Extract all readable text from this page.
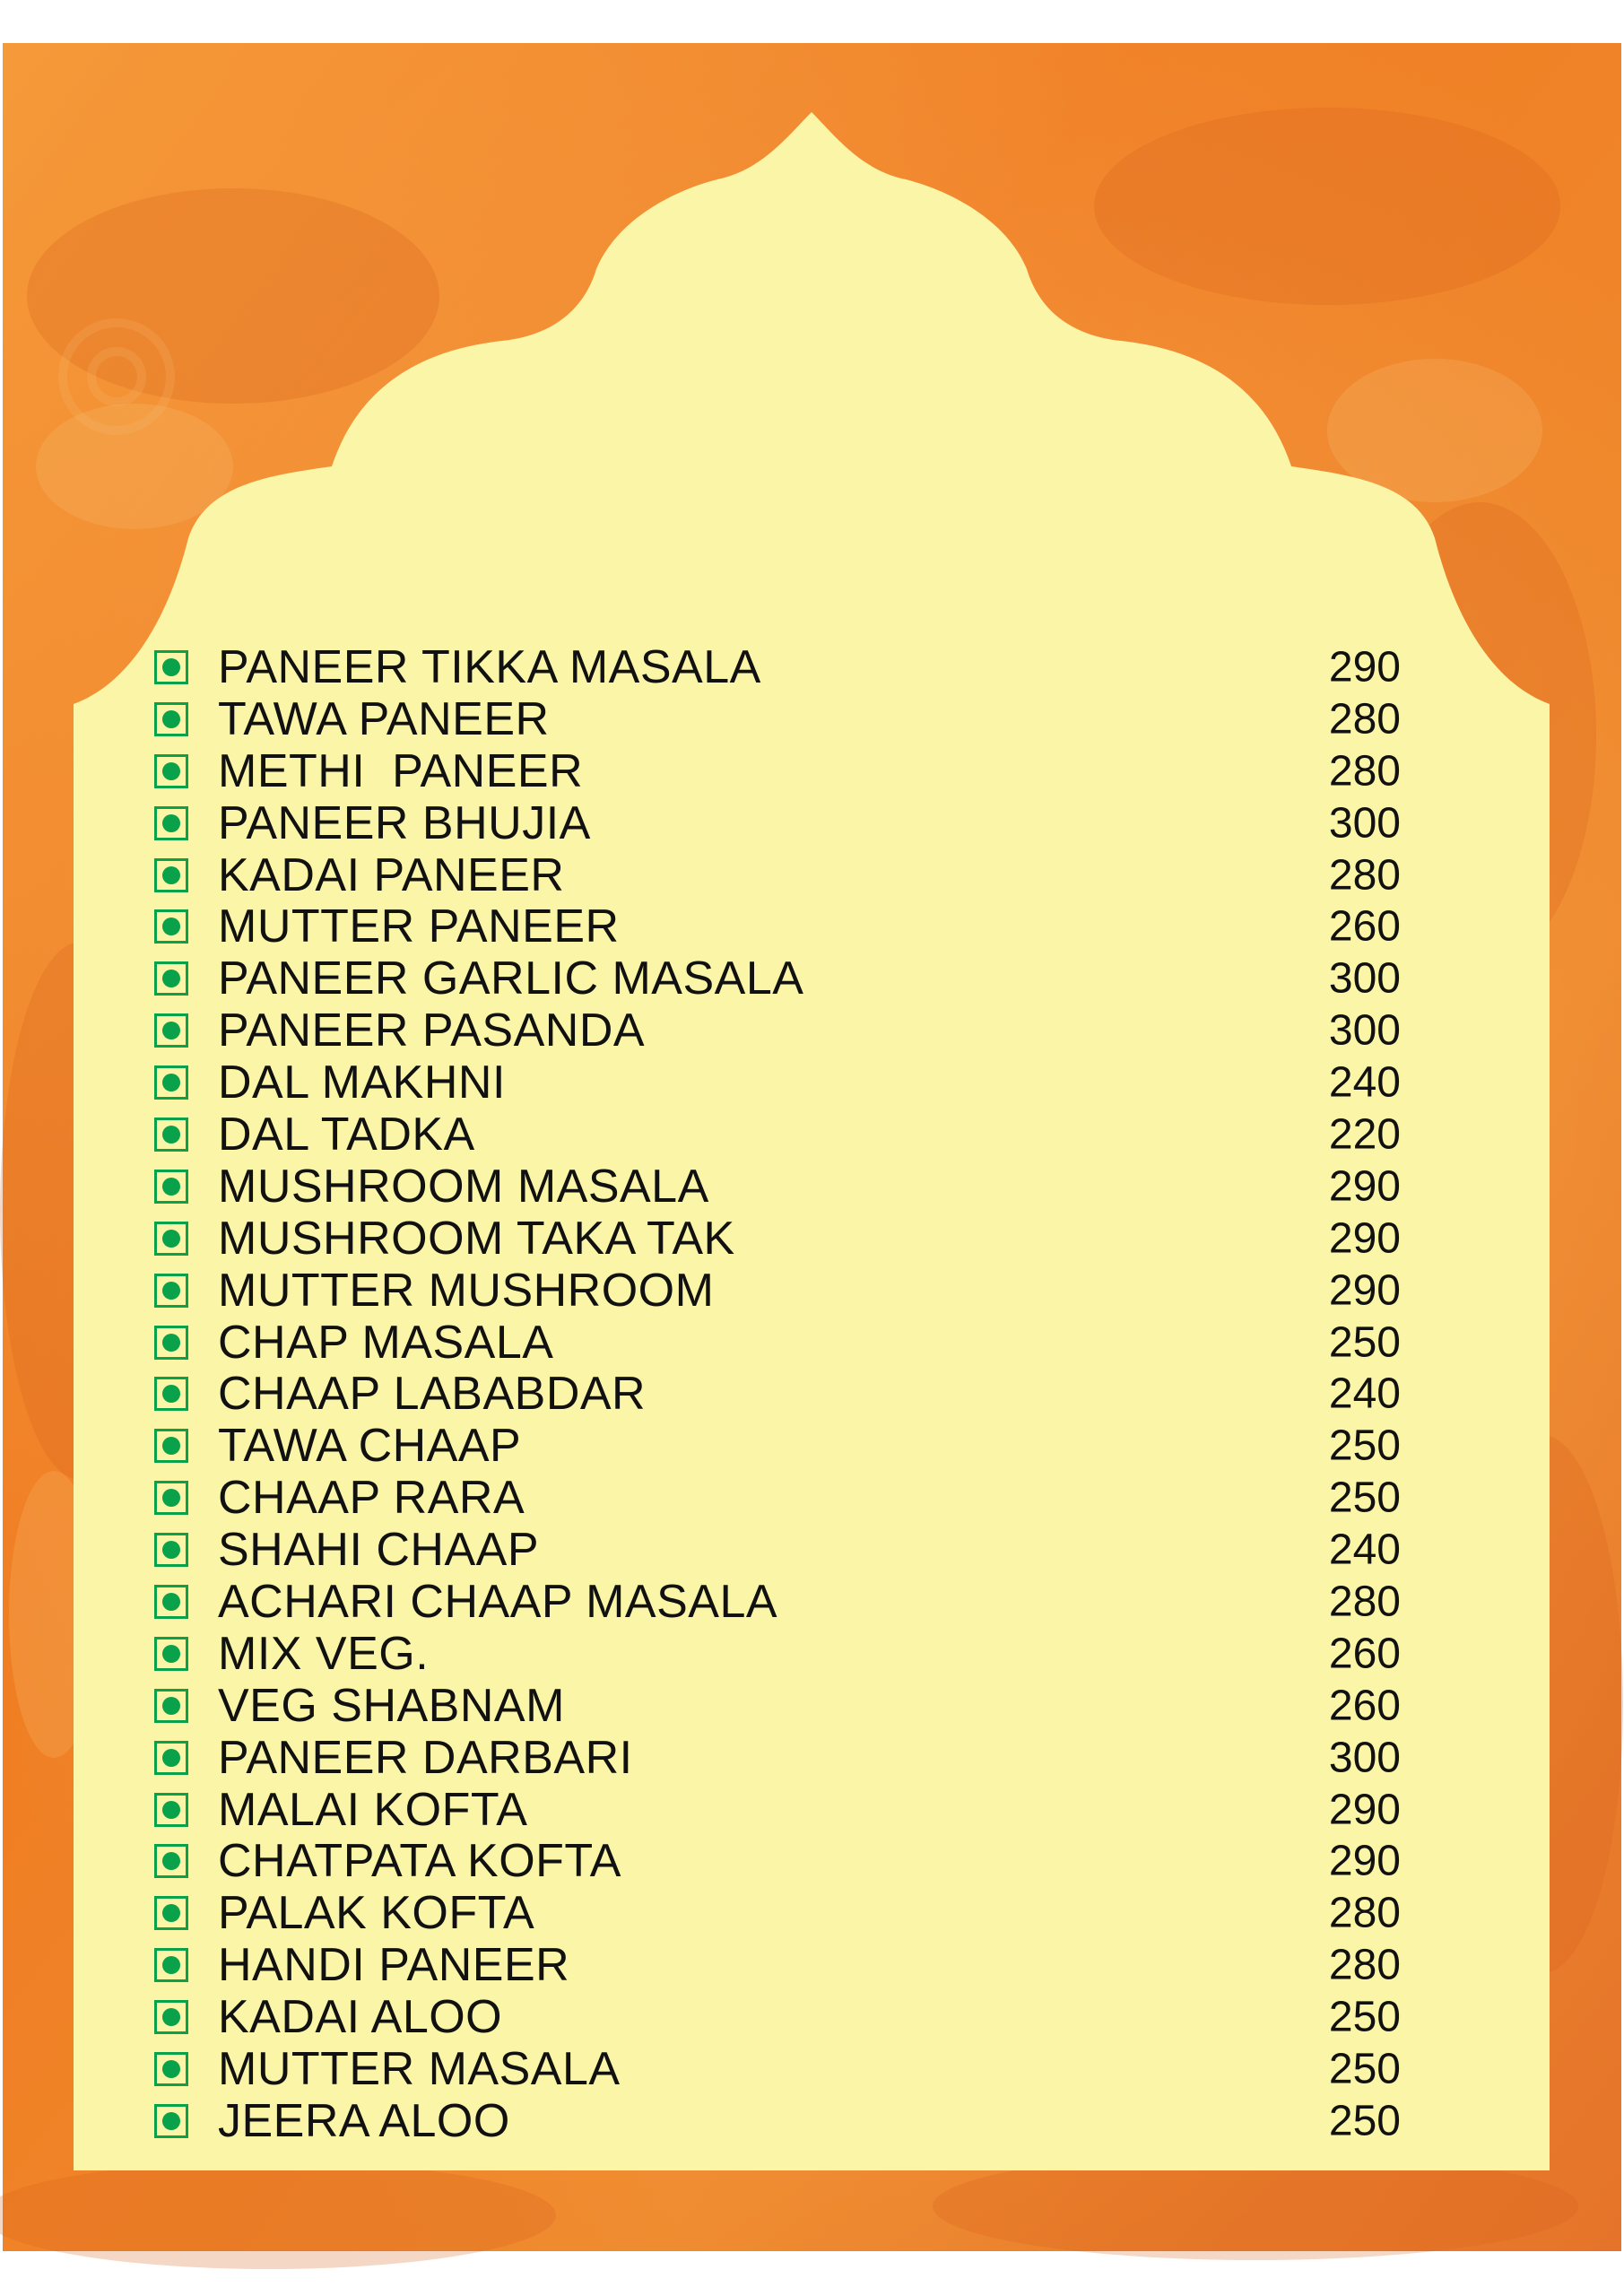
PANEER TIKKA MASALA	290
TAWA PANEER	280
METHI  PANEER	280
PANEER BHUJIA	300
KADAI PANEER	280
MUTTER PANEER	260
PANEER GARLIC MASALA	300
PANEER PASANDA	300
DAL MAKHNI	240
DAL TADKA	220
MUSHROOM MASALA	290
MUSHROOM TAKA TAK	290
MUTTER MUSHROOM	290
CHAP MASALA	250
CHAAP LABABDAR	240
TAWA CHAAP	250
CHAAP RARA	250
SHAHI CHAAP	240
ACHARI CHAAP MASALA	280
MIX VEG.	260
VEG SHABNAM	260
PANEER DARBARI	300
MALAI KOFTA	290
CHATPATA KOFTA	290
PALAK KOFTA	280
HANDI PANEER	280
KADAI ALOO	250
MUTTER MASALA	250
JEERA ALOO	250
